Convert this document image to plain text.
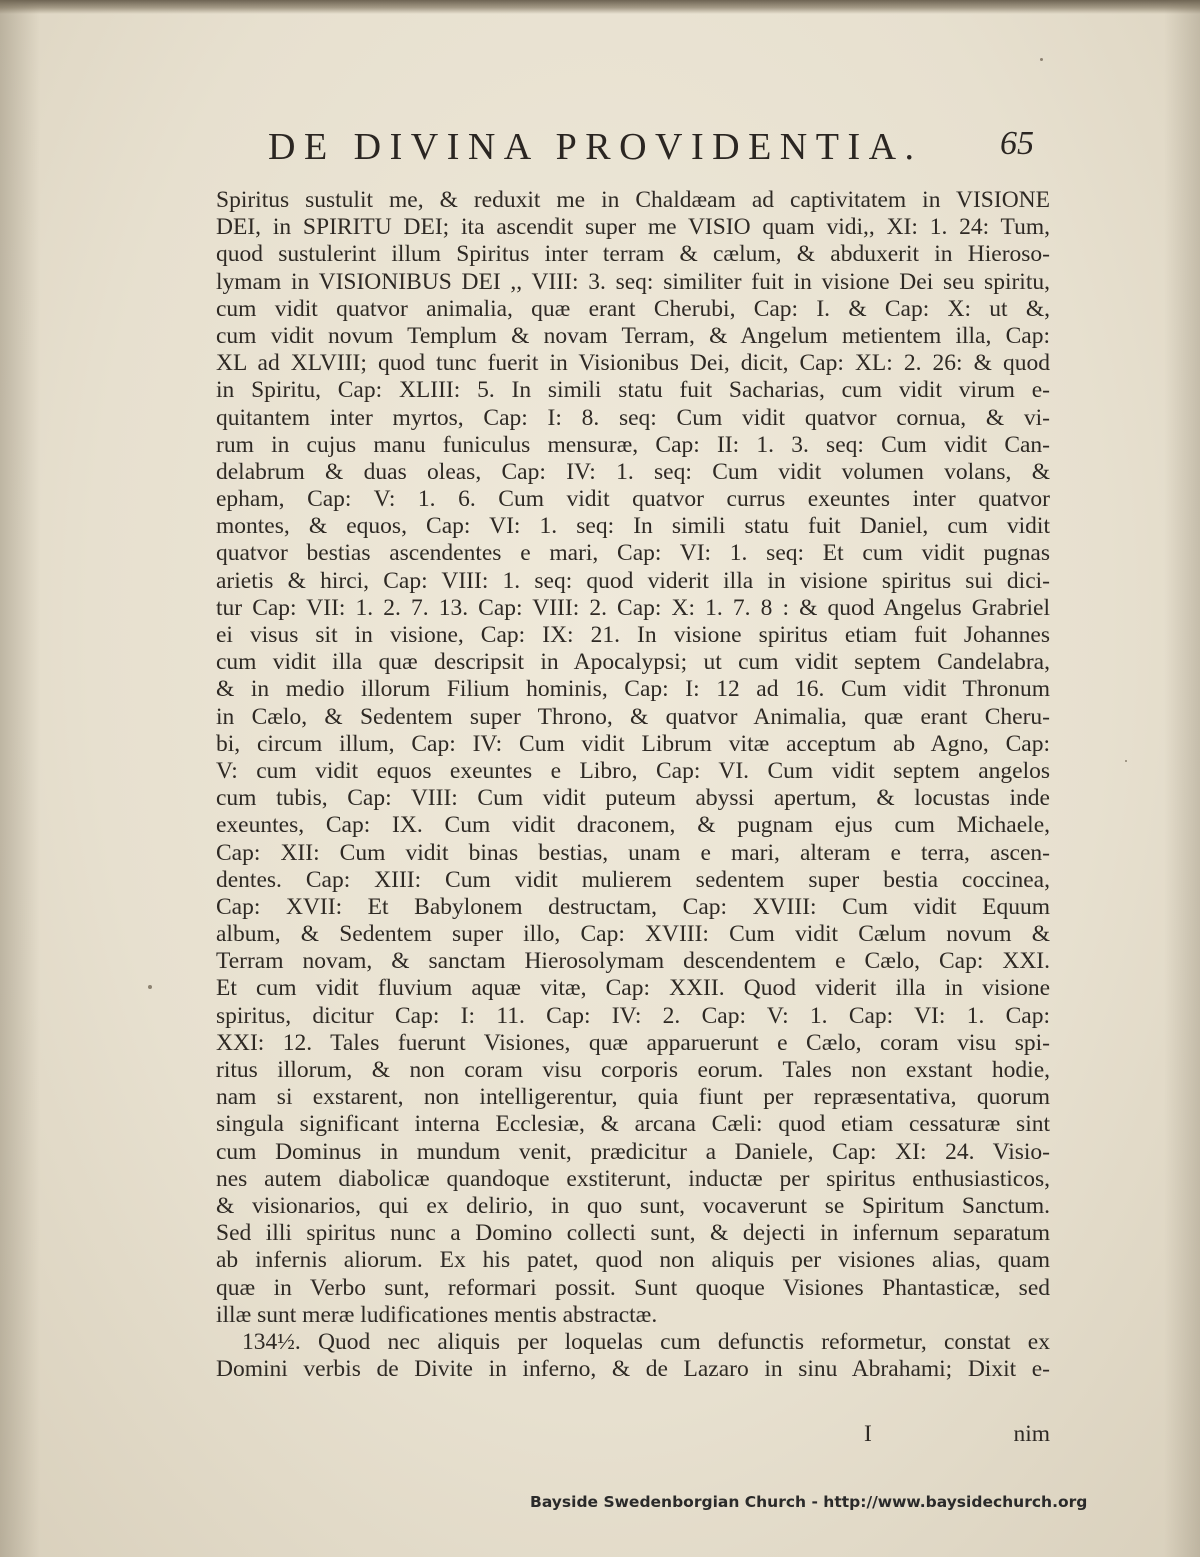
DE DIVINA PROVIDENTIA.	65
Spiritus sustulit me, & reduxit me in Chaldæam ad captivitatem in VISIONE
DEI, in SPIRITU DEI; ita ascendit super me VISIO quam vidi,, XI: 1. 24: Tum,
quod sustulerint illum Spiritus inter terram & cælum, & abduxerit in Hieroso-
lymam in VISIONIBUS DEI ,, VIII: 3. seq: similiter fuit in visione Dei seu spiritu,
cum vidit quatvor animalia, quæ erant Cherubi, Cap: I. & Cap: X: ut &,
cum vidit novum Templum & novam Terram, & Angelum metientem illa, Cap:
XL ad XLVIII; quod tunc fuerit in Visionibus Dei, dicit, Cap: XL: 2. 26: & quod
in Spiritu, Cap: XLIII: 5. In simili statu fuit Sacharias, cum vidit virum e-
quitantem inter myrtos, Cap: I: 8. seq: Cum vidit quatvor cornua, & vi-
rum in cujus manu funiculus mensuræ, Cap: II: 1. 3. seq: Cum vidit Can-
delabrum & duas oleas, Cap: IV: 1. seq: Cum vidit volumen volans, &
epham, Cap: V: 1. 6. Cum vidit quatvor currus exeuntes inter quatvor
montes, & equos, Cap: VI: 1. seq: In simili statu fuit Daniel, cum vidit
quatvor bestias ascendentes e mari, Cap: VI: 1. seq: Et cum vidit pugnas
arietis & hirci, Cap: VIII: 1. seq: quod viderit illa in visione spiritus sui dici-
tur Cap: VII: 1. 2. 7. 13. Cap: VIII: 2. Cap: X: 1. 7. 8 : & quod Angelus Grabriel
ei visus sit in visione, Cap: IX: 21. In visione spiritus etiam fuit Johannes
cum vidit illa quæ descripsit in Apocalypsi; ut cum vidit septem Candelabra,
& in medio illorum Filium hominis, Cap: I: 12 ad 16. Cum vidit Thronum
in Cælo, & Sedentem super Throno, & quatvor Animalia, quæ erant Cheru-
bi, circum illum, Cap: IV: Cum vidit Librum vitæ acceptum ab Agno, Cap:
V: cum vidit equos exeuntes e Libro, Cap: VI. Cum vidit septem angelos
cum tubis, Cap: VIII: Cum vidit puteum abyssi apertum, & locustas inde
exeuntes, Cap: IX. Cum vidit draconem, & pugnam ejus cum Michaele,
Cap: XII: Cum vidit binas bestias, unam e mari, alteram e terra, ascen-
dentes. Cap: XIII: Cum vidit mulierem sedentem super bestia coccinea,
Cap: XVII: Et Babylonem destructam, Cap: XVIII: Cum vidit Equum
album, & Sedentem super illo, Cap: XVIII: Cum vidit Cælum novum &
Terram novam, & sanctam Hierosolymam descendentem e Cælo, Cap: XXI.
Et cum vidit fluvium aquæ vitæ, Cap: XXII. Quod viderit illa in visione
spiritus, dicitur Cap: I: 11. Cap: IV: 2. Cap: V: 1. Cap: VI: 1. Cap:
XXI: 12. Tales fuerunt Visiones, quæ apparuerunt e Cælo, coram visu spi-
ritus illorum, & non coram visu corporis eorum. Tales non exstant hodie,
nam si exstarent, non intelligerentur, quia fiunt per repræsentativa, quorum
singula significant interna Ecclesiæ, & arcana Cæli: quod etiam cessaturæ sint
cum Dominus in mundum venit, prædicitur a Daniele, Cap: XI: 24. Visio-
nes autem diabolicæ quandoque exstiterunt, inductæ per spiritus enthusiasticos,
& visionarios, qui ex delirio, in quo sunt, vocaverunt se Spiritum Sanctum.
Sed illi spiritus nunc a Domino collecti sunt, & dejecti in infernum separatum
ab infernis aliorum. Ex his patet, quod non aliquis per visiones alias, quam
quæ in Verbo sunt, reformari possit. Sunt quoque Visiones Phantasticæ, sed
illæ sunt meræ ludificationes mentis abstractæ.
134½. Quod nec aliquis per loquelas cum defunctis reformetur, constat ex
Domini verbis de Divite in inferno, & de Lazaro in sinu Abrahami; Dixit e-
I	nim
Bayside Swedenborgian Church - http://www.baysidechurch.org
